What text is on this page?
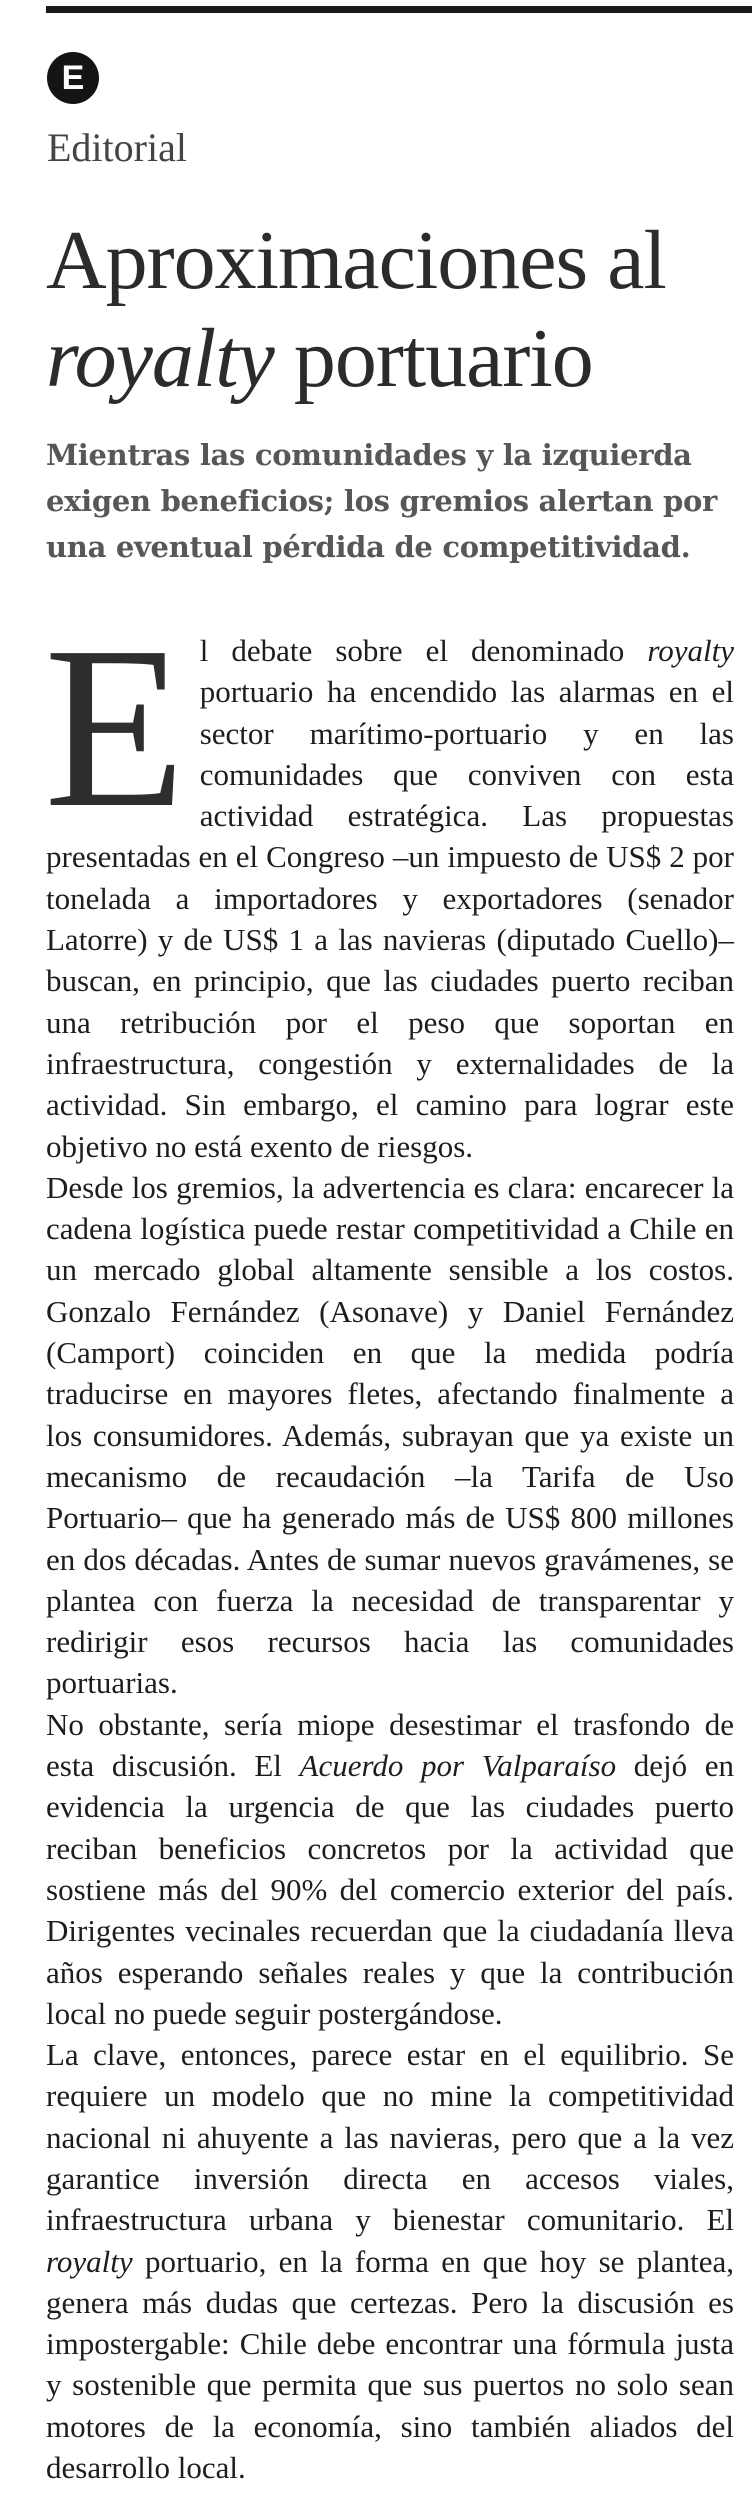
E
Editorial
Aproximaciones al
royalty portuario
Mientras las comunidades y la izquierda exigen beneficios; los gremios alertan por una eventual pérdida de competitividad.

El debate sobre el denominado royalty portuario ha encendido las alarmas en el sector marítimo-portuario y en las comunidades que conviven con esta actividad estratégica. Las propuestas presentadas en el Congreso –un impuesto de US$ 2 por tonelada a importadores y exportadores (senador Latorre) y de US$ 1 a las navieras (diputado Cuello)– buscan, en principio, que las ciudades puerto reciban una retribución por el peso que soportan en infraestructura, congestión y externalidades de la actividad. Sin embargo, el camino para lograr este objetivo no está exento de riesgos.

Desde los gremios, la advertencia es clara: encarecer la cadena logística puede restar competitividad a Chile en un mercado global altamente sensible a los costos. Gonzalo Fernández (Asonave) y Daniel Fernández (Camport) coinciden en que la medida podría traducirse en mayores fletes, afectando finalmente a los consumidores. Además, subrayan que ya existe un mecanismo de recaudación –la Tarifa de Uso Portuario– que ha generado más de US$ 800 millones en dos décadas. Antes de sumar nuevos gravámenes, se plantea con fuerza la necesidad de transparentar y redirigir esos recursos hacia las comunidades portuarias.

No obstante, sería miope desestimar el trasfondo de esta discusión. El Acuerdo por Valparaíso dejó en evidencia la urgencia de que las ciudades puerto reciban beneficios concretos por la actividad que sostiene más del 90% del comercio exterior del país. Dirigentes vecinales recuerdan que la ciudadanía lleva años esperando señales reales y que la contribución local no puede seguir postergándose.

La clave, entonces, parece estar en el equilibrio. Se requiere un modelo que no mine la competitividad nacional ni ahuyente a las navieras, pero que a la vez garantice inversión directa en accesos viales, infraestructura urbana y bienestar comunitario. El royalty portuario, en la forma en que hoy se plantea, genera más dudas que certezas. Pero la discusión es impostergable: Chile debe encontrar una fórmula justa y sostenible que permita que sus puertos no solo sean motores de la economía, sino también aliados del desarrollo local.
